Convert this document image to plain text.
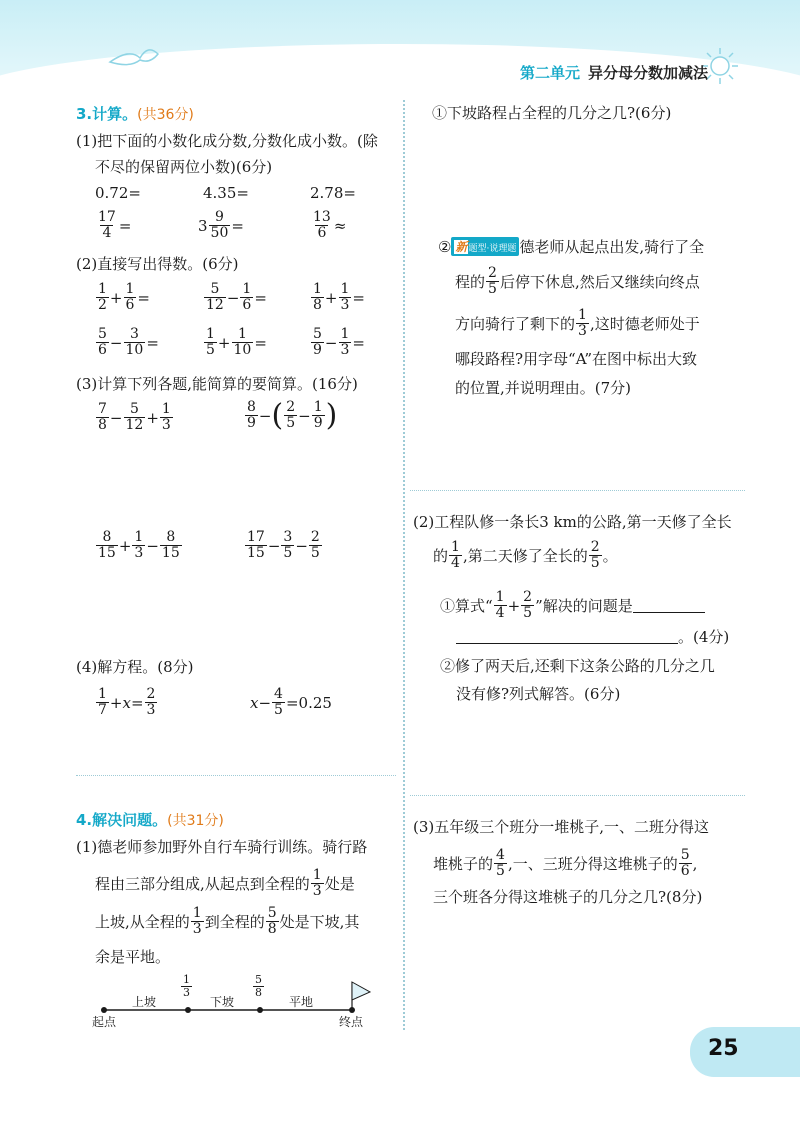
第二单元 异分母分数加减法
3.计算。(共36分)
(1)把下面的小数化成分数,分数化成小数。(除
不尽的保留两位小数)(6分)
0.72=	4.35=	2.78=
$\frac{17}{4}$ =	$3 \frac{9}{50}$ =	$\frac{13}{6}$ ≈
(2)直接写出得数。(6分)
$\frac{1}{2} + \frac{1}{6}$ =	$\frac{5}{12} - \frac{1}{6}$ =	$\frac{1}{8} + \frac{1}{3}$ =
$\frac{5}{6} - \frac{3}{10}$ =	$\frac{1}{5} + \frac{1}{10}$ =	$\frac{5}{9} - \frac{1}{3}$ =
(3)计算下列各题,能简算的要简算。(16分)
$\frac{7}{8} - \frac{5}{12} + \frac{1}{3}$	$\frac{8}{9}$ − ( $\frac{2}{5} - \frac{1}{9}$ )
$\frac{8}{15} + \frac{1}{3} - \frac{8}{15}$	$\frac{17}{15} - \frac{3}{5} - \frac{2}{5}$
(4)解方程。(8分)
$\frac{1}{7} +x= \frac{2}{3}$	$x- \frac{4}{5} =0.25$
4.解决问题。(共31分)
(1)德老师参加野外自行车骑行训练。骑行路
程由三部分组成,从起点到全程的 $\frac{1}{3}$ 处是
上坡,从全程的 $\frac{1}{3}$ 到全程的 $\frac{5}{8}$ 处是下坡,其
余是平地。
起点	终点
上坡	下坡	平地
$\frac{1}{3}$	$\frac{5}{8}$
①下坡路程占全程的几分之几?(6分)
② 新题型·说理题 德老师从起点出发,骑行了全
程的 $\frac{2}{5}$ 后停下休息,然后又继续向终点
方向骑行了剩下的 $\frac{1}{3}$ ,这时德老师处于
哪段路程?用字母“A”在图中标出大致
的位置,并说明理由。(7分)
(2)工程队修一条长3 km的公路,第一天修了全长
的 $\frac{1}{4}$ ,第二天修了全长的 $\frac{2}{5}$ 。
①算式“ $\frac{1}{4} + \frac{2}{5}$ ”解决的问题是
。(4分)
②修了两天后,还剩下这条公路的几分之几
没有修?列式解答。(6分)
(3)五年级三个班分一堆桃子,一、二班分得这
堆桃子的 $\frac{4}{5}$ ,一、三班分得这堆桃子的 $\frac{5}{6}$ ,
三个班各分得这堆桃子的几分之几?(8分)
25
